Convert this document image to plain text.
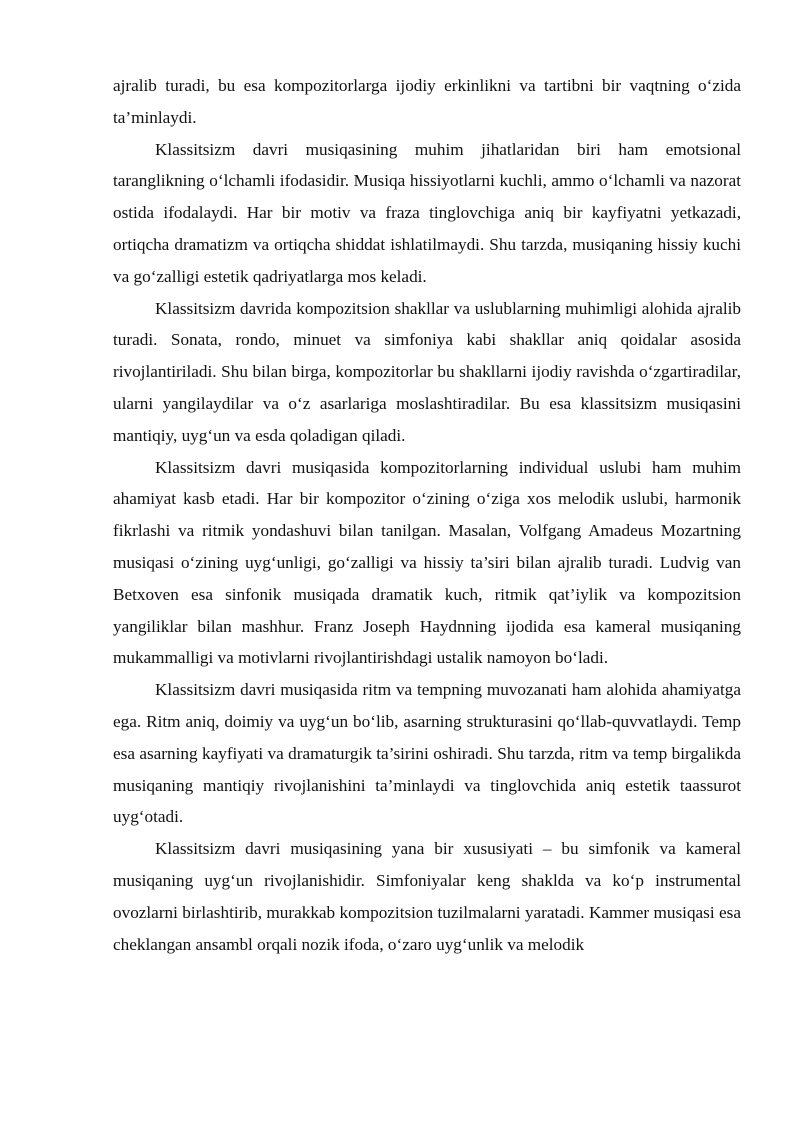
ajralib turadi, bu esa kompozitorlarga ijodiy erkinlikni va tartibni bir vaqtning o‘zida ta’minlaydi.

Klassitsizm davri musiqasining muhim jihatlaridan biri ham emotsional taranglikning o‘lchamli ifodasidir. Musiqa hissiyotlarni kuchli, ammo o‘lchamli va nazorat ostida ifodalaydi. Har bir motiv va fraza tinglovchiga aniq bir kayfiyatni yetkazadi, ortiqcha dramatizm va ortiqcha shiddat ishlatilmaydi. Shu tarzda, musiqaning hissiy kuchi va go‘zalligi estetik qadriyatlarga mos keladi.

Klassitsizm davrida kompozitsion shakllar va uslublarning muhimligi alohida ajralib turadi. Sonata, rondo, minuet va simfoniya kabi shakllar aniq qoidalar asosida rivojlantiriladi. Shu bilan birga, kompozitorlar bu shakllarni ijodiy ravishda o‘zgartiradilar, ularni yangilaydilar va o‘z asarlariga moslashtiradilar. Bu esa klassitsizm musiqasini mantiqiy, uyg‘un va esda qoladigan qiladi.

Klassitsizm davri musiqasida kompozitorlarning individual uslubi ham muhim ahamiyat kasb etadi. Har bir kompozitor o‘zining o‘ziga xos melodik uslubi, harmonik fikrlashi va ritmik yondashuvi bilan tanilgan. Masalan, Volfgang Amadeus Mozartning musiqasi o‘zining uyg‘unligi, go‘zalligi va hissiy ta’siri bilan ajralib turadi. Ludvig van Betxoven esa sinfonik musiqada dramatik kuch, ritmik qat’iylik va kompozitsion yangiliklar bilan mashhur. Franz Joseph Haydnning ijodida esa kameral musiqaning mukammalligi va motivlarni rivojlantirishdagi ustalik namoyon bo‘ladi.

Klassitsizm davri musiqasida ritm va tempning muvozanati ham alohida ahamiyatga ega. Ritm aniq, doimiy va uyg‘un bo‘lib, asarning strukturasini qo‘llab-quvvatlaydi. Temp esa asarning kayfiyati va dramaturgik ta’sirini oshiradi. Shu tarzda, ritm va temp birgalikda musiqaning mantiqiy rivojlanishini ta’minlaydi va tinglovchida aniq estetik taassurot uyg‘otadi.

Klassitsizm davri musiqasining yana bir xususiyati – bu simfonik va kameral musiqaning uyg‘un rivojlanishidir. Simfoniyalar keng shaklda va ko‘p instrumental ovozlarni birlashtirib, murakkab kompozitsion tuzilmalarni yaratadi. Kammer musiqasi esa cheklangan ansambl orqali nozik ifoda, o‘zaro uyg‘unlik va melodik
